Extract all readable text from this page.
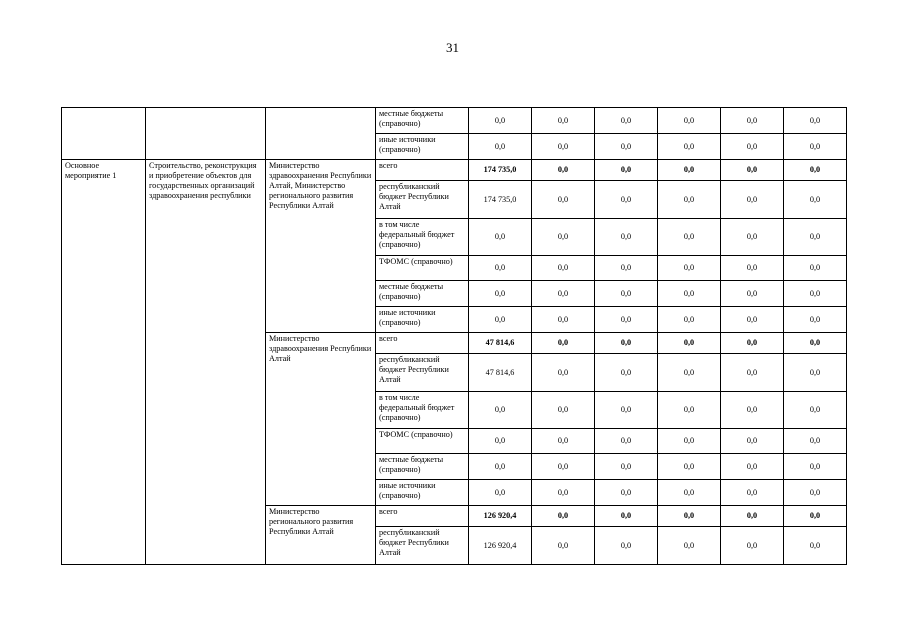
31
			местные бюджеты (справочно)	0,0	0,0	0,0	0,0	0,0	0,0
			иные источники (справочно)	0,0	0,0	0,0	0,0	0,0	0,0
Основное мероприятие 1	Строительство, реконструкция и приобретение объектов для государственных организаций здравоохранения республики	Министерство здравоохранения Республики Алтай, Министерство регионального развития Республики Алтай	всего	174 735,0	0,0	0,0	0,0	0,0	0,0
			республиканский бюджет Республики Алтай	174 735,0	0,0	0,0	0,0	0,0	0,0
			в том числе федеральный бюджет (справочно)	0,0	0,0	0,0	0,0	0,0	0,0
			ТФОМС (справочно)	0,0	0,0	0,0	0,0	0,0	0,0
			местные бюджеты (справочно)	0,0	0,0	0,0	0,0	0,0	0,0
			иные источники (справочно)	0,0	0,0	0,0	0,0	0,0	0,0
		Министерство здравоохранения Республики Алтай	всего	47 814,6	0,0	0,0	0,0	0,0	0,0
			республиканский бюджет Республики Алтай	47 814,6	0,0	0,0	0,0	0,0	0,0
			в том числе федеральный бюджет (справочно)	0,0	0,0	0,0	0,0	0,0	0,0
			ТФОМС (справочно)	0,0	0,0	0,0	0,0	0,0	0,0
			местные бюджеты (справочно)	0,0	0,0	0,0	0,0	0,0	0,0
			иные источники (справочно)	0,0	0,0	0,0	0,0	0,0	0,0
		Министерство регионального развития Республики Алтай	всего	126 920,4	0,0	0,0	0,0	0,0	0,0
			республиканский бюджет Республики Алтай	126 920,4	0,0	0,0	0,0	0,0	0,0
